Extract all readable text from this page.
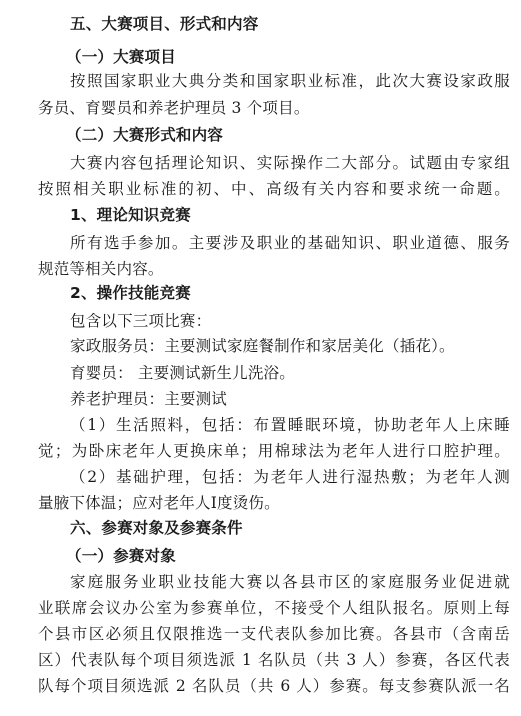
五、大赛项目、形式和内容
（一）大赛项目
按照国家职业大典分类和国家职业标准，此次大赛设家政服
务员、育婴员和养老护理员 3 个项目。
（二）大赛形式和内容
大赛内容包括理论知识、实际操作二大部分。试题由专家组
按照相关职业标准的初、中、高级有关内容和要求统一命题。
1、理论知识竞赛
所有选手参加。主要涉及职业的基础知识、职业道德、服务
规范等相关内容。
2、操作技能竞赛
包含以下三项比赛：
家政服务员：主要测试家庭餐制作和家居美化（插花）。
育婴员： 主要测试新生儿洗浴。
养老护理员：主要测试
（1）生活照料，包括：布置睡眠环境，协助老年人上床睡
觉；为卧床老年人更换床单；用棉球法为老年人进行口腔护理。
（2）基础护理，包括：为老年人进行湿热敷；为老年人测
量腋下体温；应对老年人Ⅰ度烫伤。
六、参赛对象及参赛条件
（一）参赛对象
家庭服务业职业技能大赛以各县市区的家庭服务业促进就
业联席会议办公室为参赛单位，不接受个人组队报名。原则上每
个县市区必须且仅限推选一支代表队参加比赛。各县市（含南岳
区）代表队每个项目须选派 1 名队员（共 3 人）参赛，各区代表
队每个项目须选派 2 名队员（共 6 人）参赛。每支参赛队派一名
